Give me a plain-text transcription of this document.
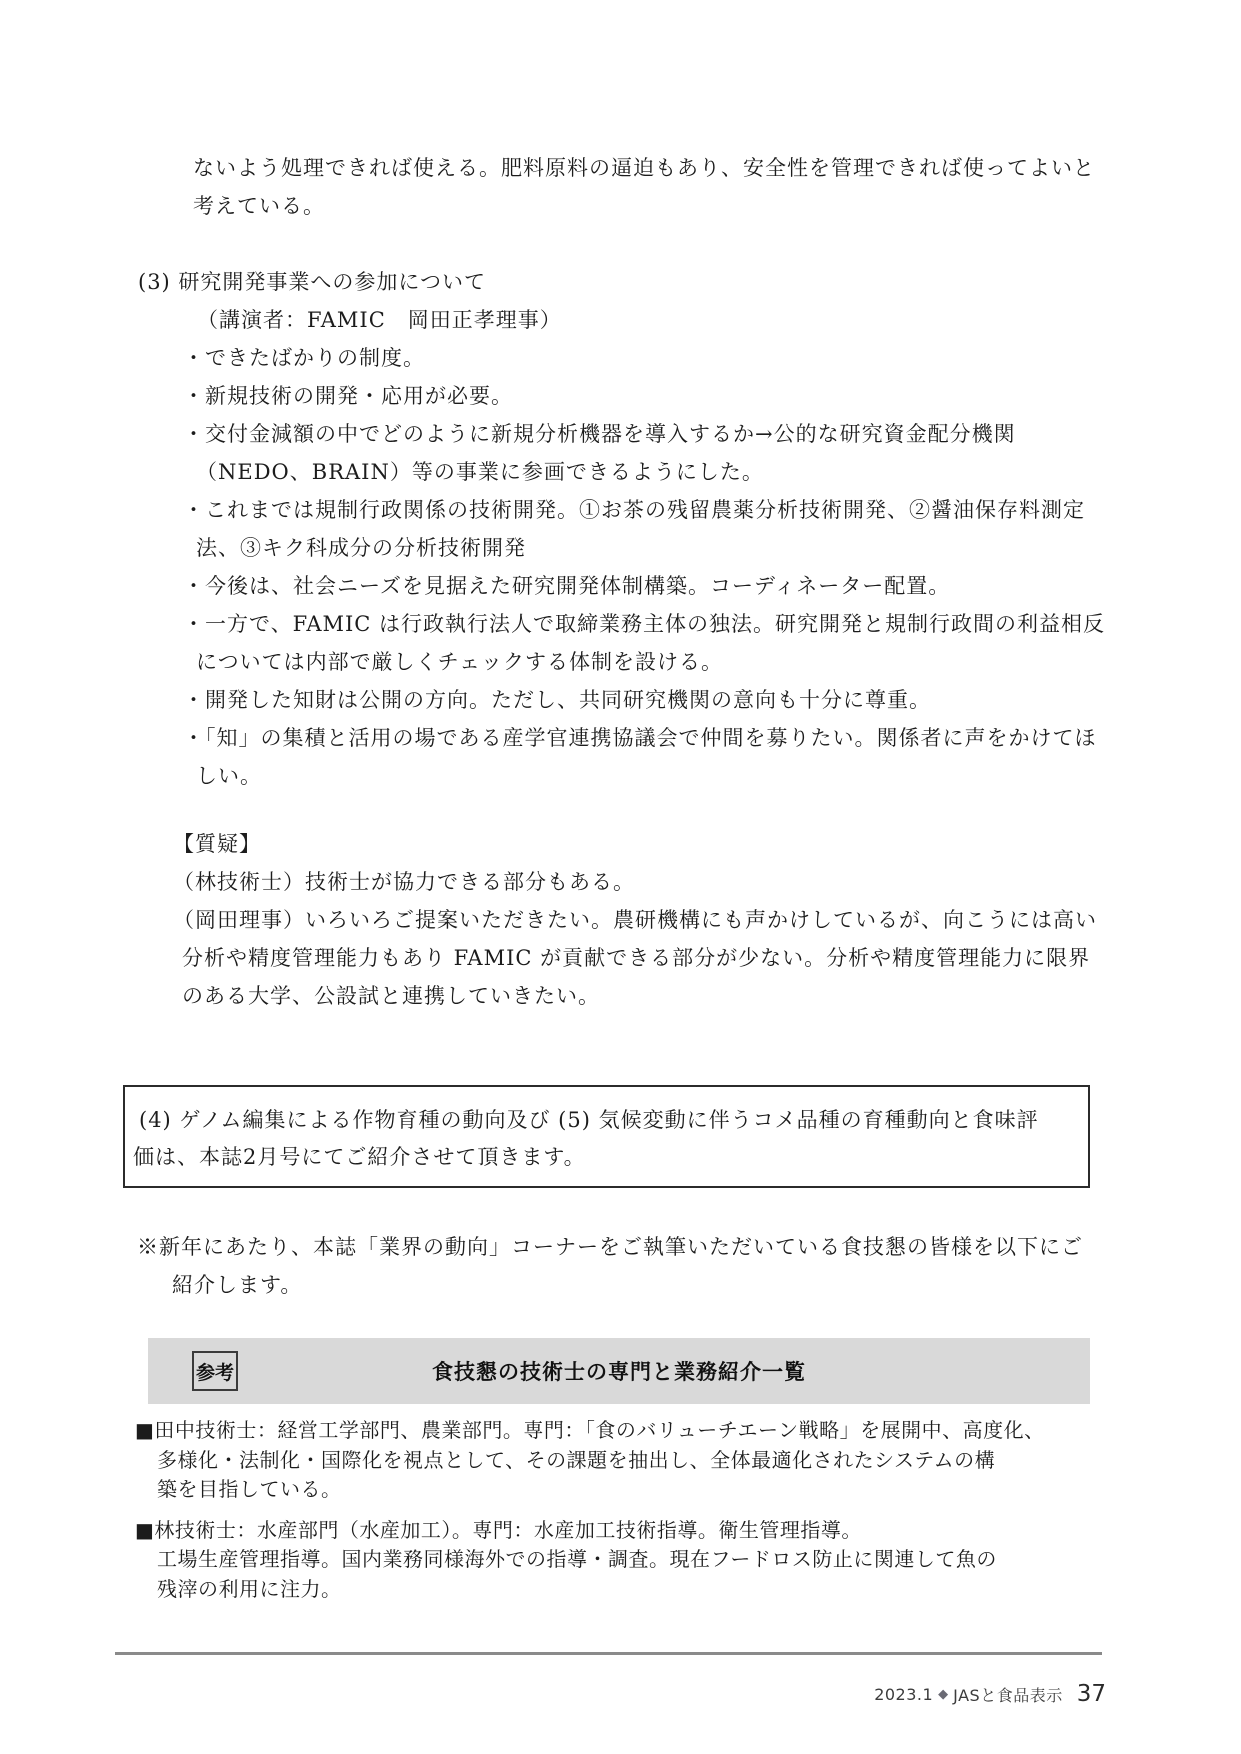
ないよう処理できれば使える。肥料原料の逼迫もあり、安全性を管理できれば使ってよいと
考えている。
(3) 研究開発事業への参加について
（講演者：FAMIC　岡田正孝理事）
・できたばかりの制度。
・新規技術の開発・応用が必要。
・交付金減額の中でどのように新規分析機器を導入するか→公的な研究資金配分機関
（NEDO、BRAIN）等の事業に参画できるようにした。
・これまでは規制行政関係の技術開発。①お茶の残留農薬分析技術開発、②醤油保存料測定
法、③キク科成分の分析技術開発
・今後は、社会ニーズを見据えた研究開発体制構築。コーディネーター配置。
・一方で、FAMIC は行政執行法人で取締業務主体の独法。研究開発と規制行政間の利益相反
については内部で厳しくチェックする体制を設ける。
・開発した知財は公開の方向。ただし、共同研究機関の意向も十分に尊重。
・「知」の集積と活用の場である産学官連携協議会で仲間を募りたい。関係者に声をかけてほ
しい。
【質疑】
（林技術士）技術士が協力できる部分もある。
（岡田理事）いろいろご提案いただきたい。農研機構にも声かけしているが、向こうには高い
分析や精度管理能力もあり FAMIC が貢献できる部分が少ない。分析や精度管理能力に限界
のある大学、公設試と連携していきたい。
(4) ゲノム編集による作物育種の動向及び (5) 気候変動に伴うコメ品種の育種動向と食味評
価は、本誌2月号にてご紹介させて頂きます。
※新年にあたり、本誌「業界の動向」コーナーをご執筆いただいている食技懇の皆様を以下にご
紹介します。
参考	食技懇の技術士の専門と業務紹介一覧
■田中技術士：経営工学部門、農業部門。専門：「食のバリューチエーン戦略」を展開中、高度化、
多様化・法制化・国際化を視点として、その課題を抽出し、全体最適化されたシステムの構
築を目指している。
■林技術士：水産部門（水産加工）。専門：水産加工技術指導。衛生管理指導。
工場生産管理指導。国内業務同様海外での指導・調査。現在フードロス防止に関連して魚の
残滓の利用に注力。
2023.1 ◆ JASと食品表示 37
